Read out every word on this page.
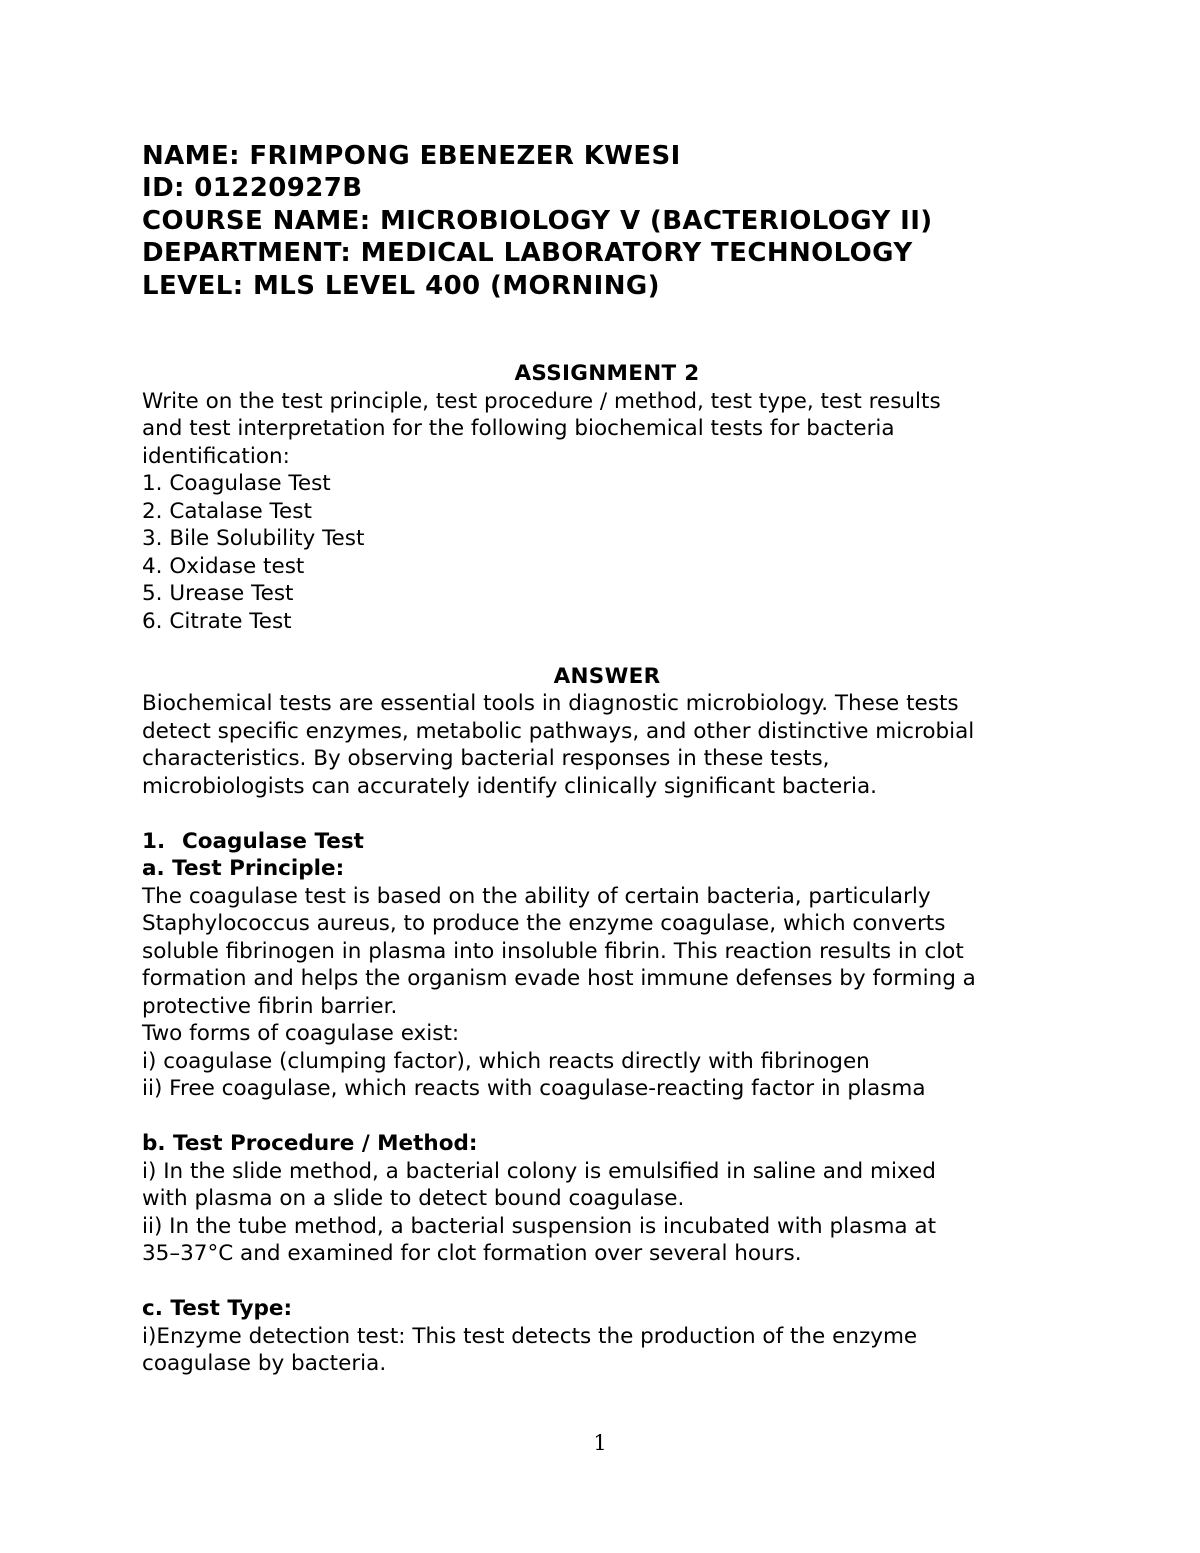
NAME: FRIMPONG EBENEZER KWESI
ID: 01220927B
COURSE NAME: MICROBIOLOGY V (BACTERIOLOGY II)
DEPARTMENT: MEDICAL LABORATORY TECHNOLOGY
LEVEL: MLS LEVEL 400 (MORNING)
ASSIGNMENT 2
Write on the test principle, test procedure / method, test type, test results
and test interpretation for the following biochemical tests for bacteria
identification:
1. Coagulase Test
2. Catalase Test
3. Bile Solubility Test
4. Oxidase test
5. Urease Test
6. Citrate Test
ANSWER
Biochemical tests are essential tools in diagnostic microbiology. These tests
detect specific enzymes, metabolic pathways, and other distinctive microbial
characteristics. By observing bacterial responses in these tests,
microbiologists can accurately identify clinically significant bacteria.
1. Coagulase Test
a. Test Principle:
The coagulase test is based on the ability of certain bacteria, particularly
Staphylococcus aureus, to produce the enzyme coagulase, which converts
soluble fibrinogen in plasma into insoluble fibrin. This reaction results in clot
formation and helps the organism evade host immune defenses by forming a
protective fibrin barrier.
Two forms of coagulase exist:
i) coagulase (clumping factor), which reacts directly with fibrinogen
ii) Free coagulase, which reacts with coagulase-reacting factor in plasma
b. Test Procedure / Method:
i) In the slide method, a bacterial colony is emulsified in saline and mixed
with plasma on a slide to detect bound coagulase.
ii) In the tube method, a bacterial suspension is incubated with plasma at
35–37°C and examined for clot formation over several hours.
c. Test Type:
i)Enzyme detection test: This test detects the production of the enzyme
coagulase by bacteria.
1
